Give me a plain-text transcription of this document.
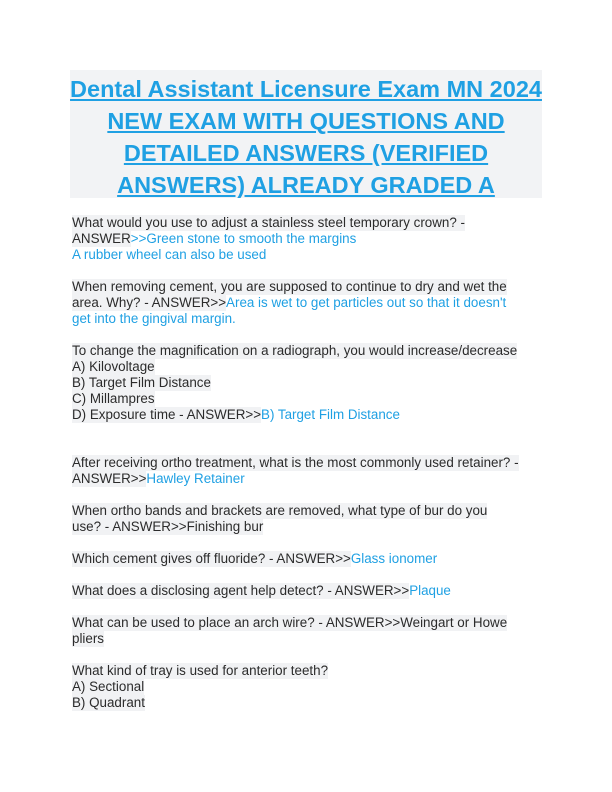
Dental Assistant Licensure Exam MN 2024 NEW EXAM WITH QUESTIONS AND DETAILED ANSWERS (VERIFIED ANSWERS) ALREADY GRADED A
What would you use to adjust a stainless steel temporary crown? -
ANSWER>>Green stone to smooth the margins
A rubber wheel can also be used
When removing cement, you are supposed to continue to dry and wet the
area. Why? - ANSWER>>Area is wet to get particles out so that it doesn't
get into the gingival margin.
To change the magnification on a radiograph, you would increase/decrease
A) Kilovoltage
B) Target Film Distance
C) Millampres
D) Exposure time - ANSWER>>B) Target Film Distance
After receiving ortho treatment, what is the most commonly used retainer? -
ANSWER>>Hawley Retainer
When ortho bands and brackets are removed, what type of bur do you
use? - ANSWER>>Finishing bur
Which cement gives off fluoride? - ANSWER>>Glass ionomer
What does a disclosing agent help detect? - ANSWER>>Plaque
What can be used to place an arch wire? - ANSWER>>Weingart or Howe
pliers
What kind of tray is used for anterior teeth?
A) Sectional
B) Quadrant
